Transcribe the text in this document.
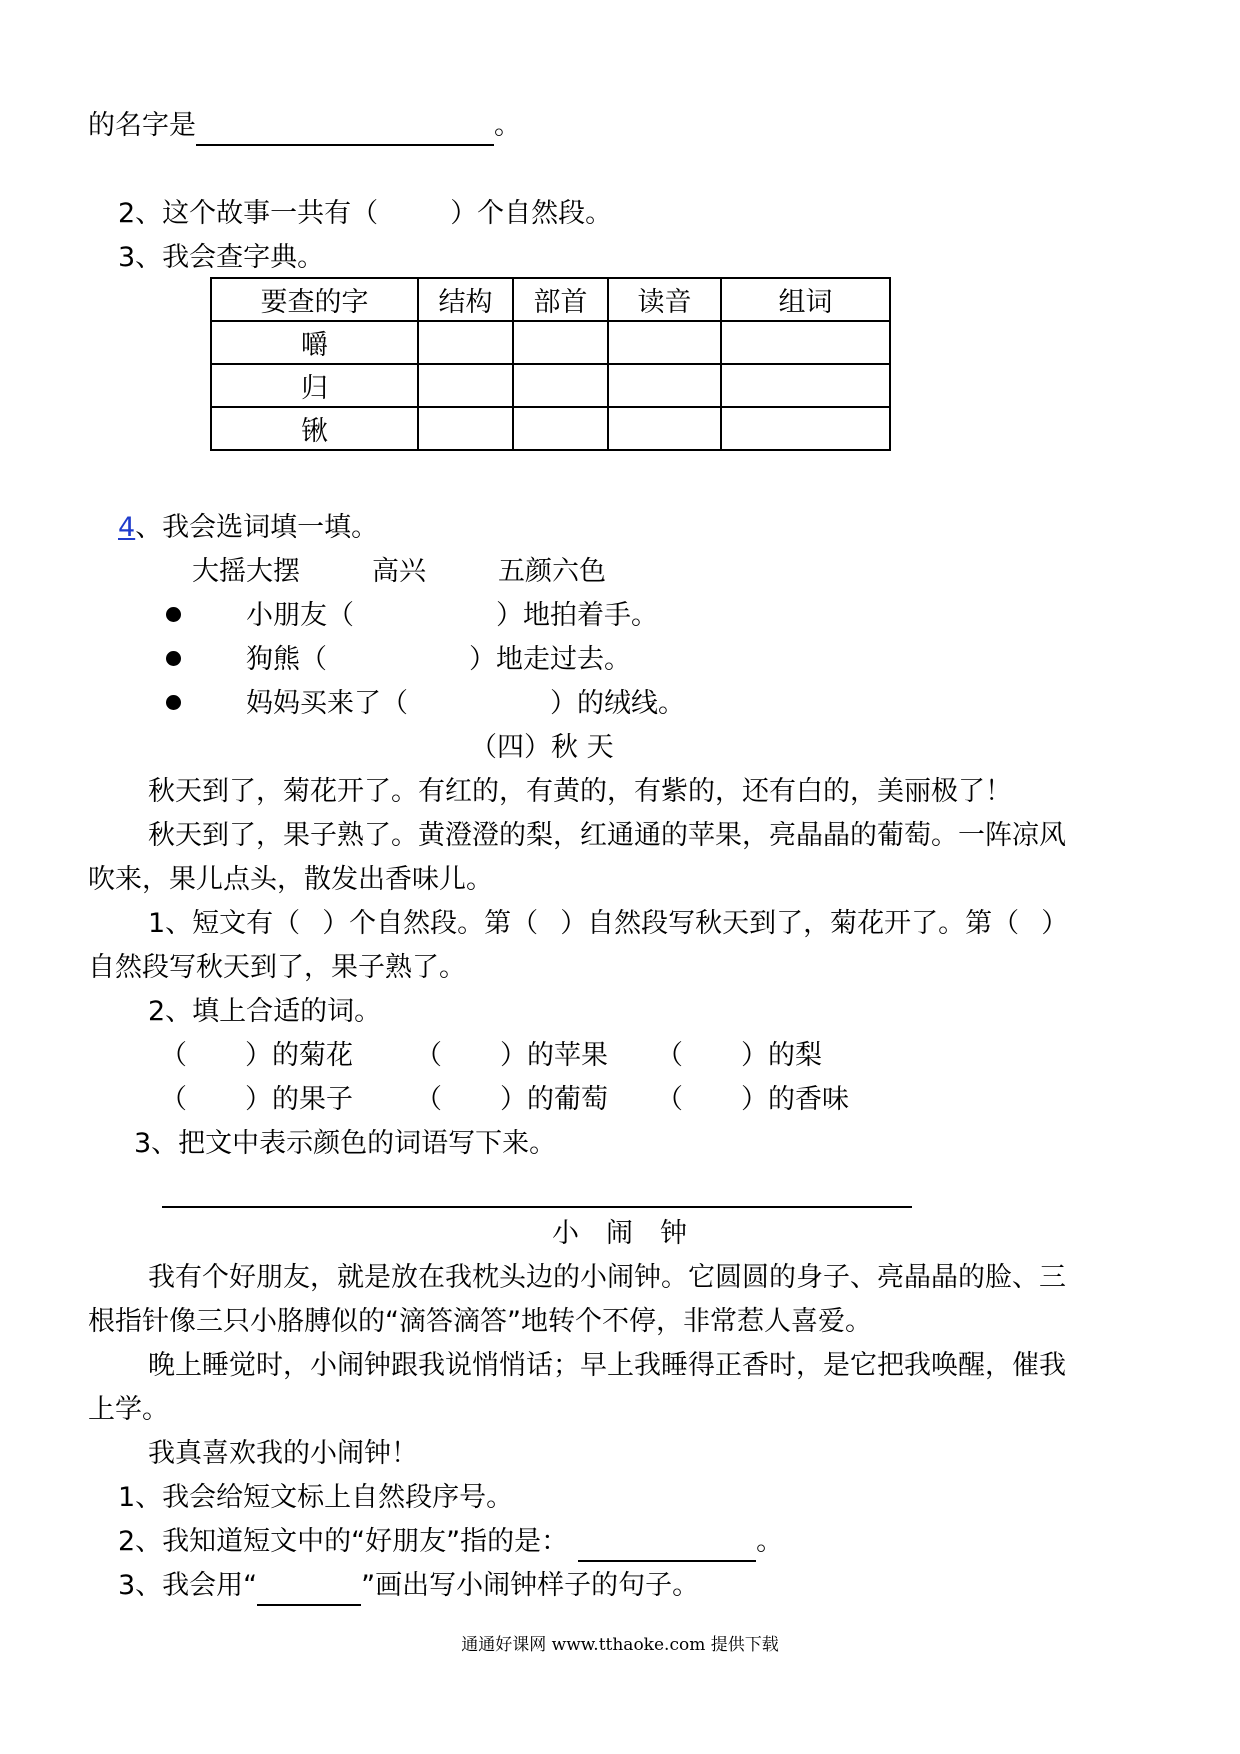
的名字是	。
2、这个故事一共有（	）个自然段。
3、我会查字典。
要查的字	结构	部首	读音	组词
嚼				
归				
锹				
4、我会选词填一填。
大摇大摆	高兴	五颜六色
小朋友（	）地拍着手。
狗熊（	）地走过去。
妈妈买来了（	）的绒线。
（四）秋 天
秋天到了，菊花开了。有红的，有黄的，有紫的，还有白的，美丽极了！
秋天到了，果子熟了。黄澄澄的梨，红通通的苹果，亮晶晶的葡萄。一阵凉风
吹来，果儿点头，散发出香味儿。
1、短文有（ ）个自然段。第（ ）自然段写秋天到了，菊花开了。第（ ）
自然段写秋天到了，果子熟了。
2、填上合适的词。
（ ）的菊花 （ ）的苹果 （ ）的梨
（ ）的果子 （ ）的葡萄 （ ）的香味
3、把文中表示颜色的词语写下来。
小　闹　钟
我有个好朋友，就是放在我枕头边的小闹钟。它圆圆的身子、亮晶晶的脸、三
根指针像三只小胳膊似的“滴答滴答”地转个不停，非常惹人喜爱。
晚上睡觉时，小闹钟跟我说悄悄话；早上我睡得正香时，是它把我唤醒，催我
上学。
我真喜欢我的小闹钟！
1、我会给短文标上自然段序号。
2、我知道短文中的“好朋友”指的是：	。
3、我会用“	”画出写小闹钟样子的句子。
通通好课网 www.tthaoke.com 提供下载
